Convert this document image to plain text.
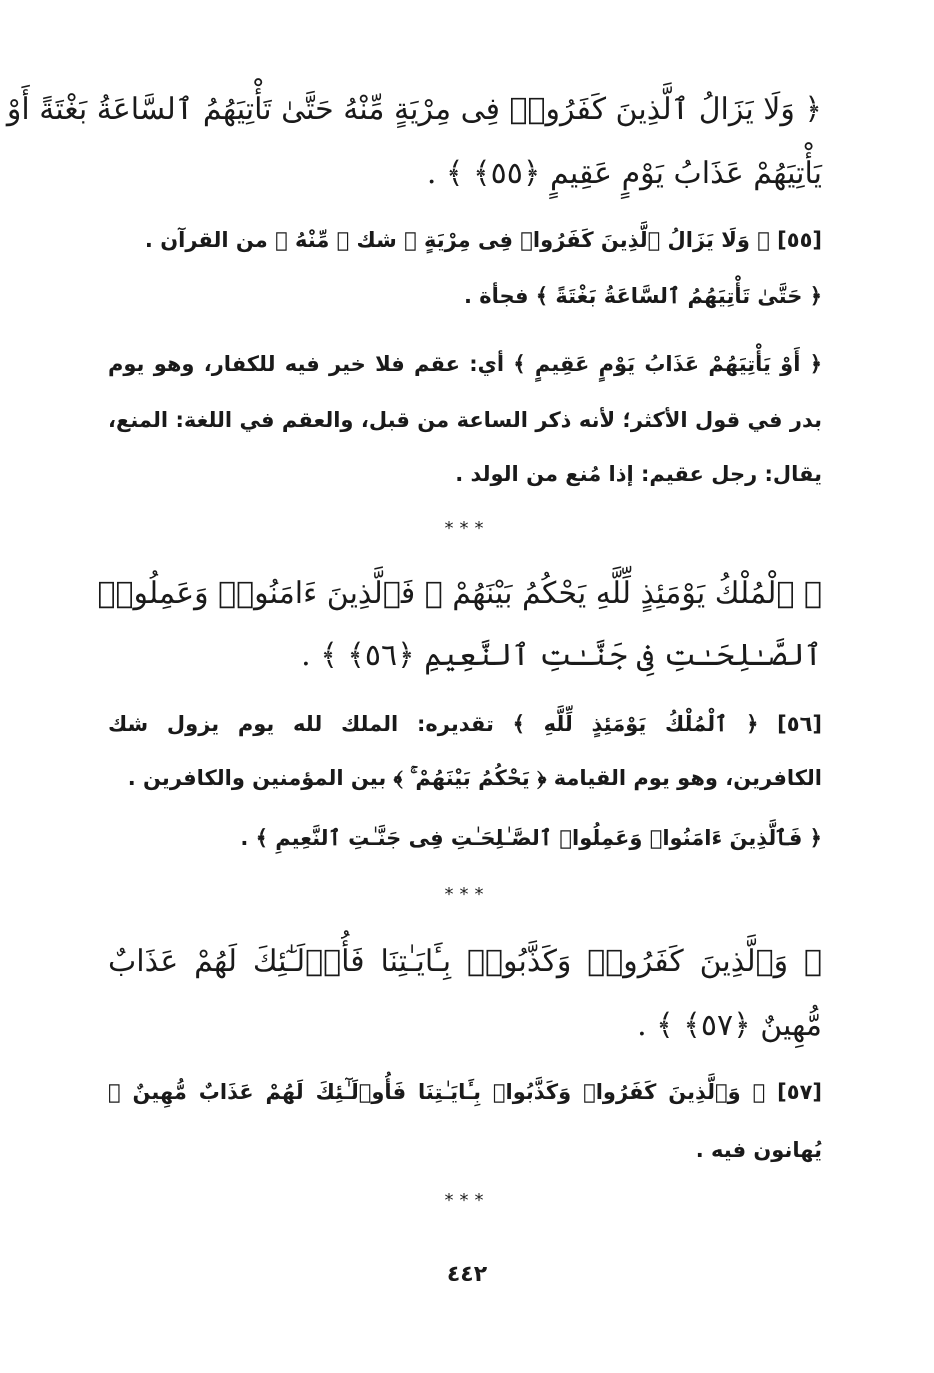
﴿ وَلَا يَزَالُ ٱلَّذِينَ كَفَرُوا۟ فِى مِرْيَةٍ مِّنْهُ حَتَّىٰ تَأْتِيَهُمُ ٱلسَّاعَةُ بَغْتَةً أَوْ
يَأْتِيَهُمْ عَذَابُ يَوْمٍ عَقِيمٍ ﴿٥٥﴾ ﴾ .
[٥٥] ﴿ وَلَا يَزَالُ ٱلَّذِينَ كَفَرُوا۟ فِى مِرْيَةٍ ﴾ شك ﴿ مِّنْهُ ﴾ من القرآن .
﴿ حَتَّىٰ تَأْتِيَهُمُ ٱلسَّاعَةُ بَغْتَةً ﴾ فجأة .
﴿ أَوْ يَأْتِيَهُمْ عَذَابُ يَوْمٍ عَقِيمٍ ﴾ أي: عقم فلا خير فيه للكفار، وهو يوم
بدر في قول الأكثر؛ لأنه ذكر الساعة من قبل، والعقم في اللغة: المنع،
يقال: رجل عقيم: إذا مُنع من الولد .
﴿ ٱلْمُلْكُ يَوْمَئِذٍ لِّلَّهِ يَحْكُمُ بَيْنَهُمْ ۚ فَٱلَّذِينَ ءَامَنُوا۟ وَعَمِلُوا۟
ٱلصَّـٰلِحَـٰتِ فِى جَنَّـٰتِ ٱلنَّعِيمِ ﴿٥٦﴾ ﴾ .
[٥٦] ﴿ ٱلْمُلْكُ يَوْمَئِذٍ لِّلَّهِ ﴾ تقديره: الملك لله يوم يزول شك
الكافرين، وهو يوم القيامة ﴿ يَحْكُمُ بَيْنَهُمْ ۚ ﴾ بين المؤمنين والكافرين .
﴿ فَٱلَّذِينَ ءَامَنُوا۟ وَعَمِلُوا۟ ٱلصَّـٰلِحَـٰتِ فِى جَنَّـٰتِ ٱلنَّعِيمِ ﴾ .
﴿ وَٱلَّذِينَ كَفَرُوا۟ وَكَذَّبُوا۟ بِـَٔايَـٰتِنَا فَأُو۟لَـٰٓئِكَ لَهُمْ عَذَابٌ
مُّهِينٌ ﴿٥٧﴾ ﴾ .
[٥٧] ﴿ وَٱلَّذِينَ كَفَرُوا۟ وَكَذَّبُوا۟ بِـَٔايَـٰتِنَا فَأُو۟لَـٰٓئِكَ لَهُمْ عَذَابٌ مُّهِينٌ ﴾
يُهانون فيه .
***
***
***
٤٤٢
